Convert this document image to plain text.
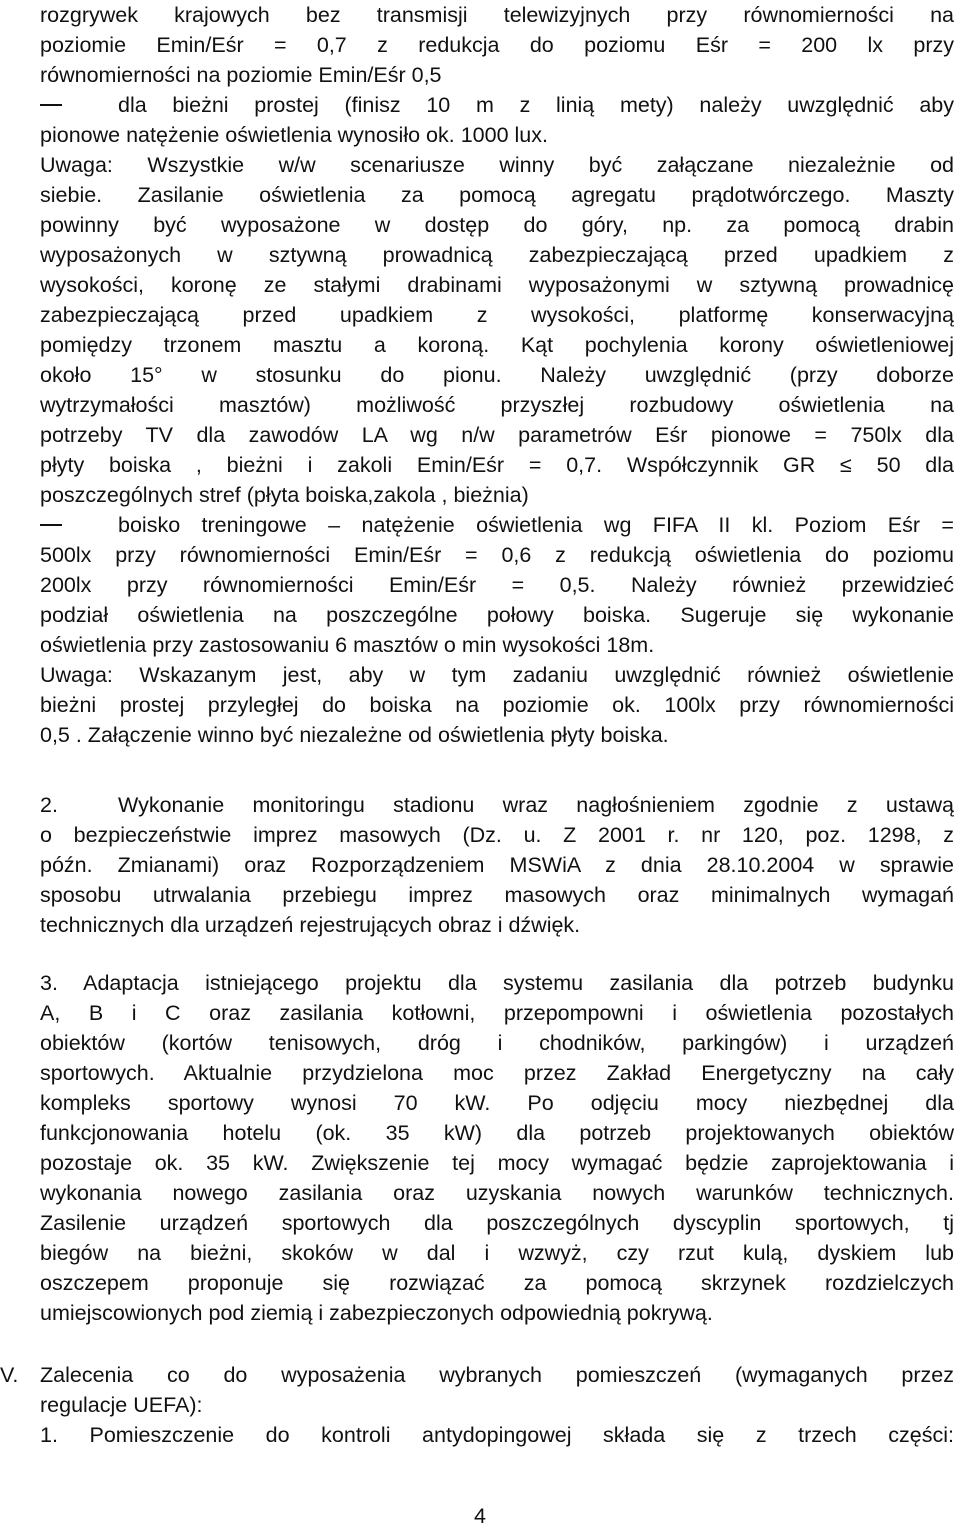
rozgrywek krajowych bez transmisji telewizyjnych przy równomierności na
poziomie Emin/Eśr = 0,7 z redukcja do poziomu Eśr = 200 lx przy
równomierności na poziomie Emin/Eśr 0,5
dla bieżni prostej (finisz 10 m z linią mety) należy uwzględnić aby
pionowe natężenie oświetlenia wynosiło ok. 1000 lux.
Uwaga: Wszystkie w/w scenariusze winny być załączane niezależnie od
siebie. Zasilanie oświetlenia za pomocą agregatu prądotwórczego. Maszty
powinny być wyposażone w dostęp do góry, np. za pomocą drabin
wyposażonych w sztywną prowadnicą zabezpieczającą przed upadkiem z
wysokości, koronę ze stałymi drabinami wyposażonymi w sztywną prowadnicę
zabezpieczającą przed upadkiem z wysokości, platformę konserwacyjną
pomiędzy trzonem masztu a koroną. Kąt pochylenia korony oświetleniowej
około 15° w stosunku do pionu. Należy uwzględnić (przy doborze
wytrzymałości masztów) możliwość przyszłej rozbudowy oświetlenia na
potrzeby TV dla zawodów LA wg n/w parametrów Eśr pionowe = 750lx dla
płyty boiska , bieżni i zakoli Emin/Eśr = 0,7. Współczynnik GR ≤ 50 dla
poszczególnych stref (płyta boiska,zakola , bieżnia)
boisko treningowe – natężenie oświetlenia wg FIFA II kl. Poziom Eśr =
500lx przy równomierności Emin/Eśr = 0,6 z redukcją oświetlenia do poziomu
200lx przy równomierności Emin/Eśr = 0,5. Należy również przewidzieć
podział oświetlenia na poszczególne połowy boiska. Sugeruje się wykonanie
oświetlenia przy zastosowaniu 6 masztów o min wysokości 18m.
Uwaga: Wskazanym jest, aby w tym zadaniu uwzględnić również oświetlenie
bieżni prostej przyległej do boiska na poziomie ok. 100lx przy równomierności
0,5 . Załączenie winno być niezależne od oświetlenia płyty boiska.
2.	Wykonanie monitoringu stadionu wraz nagłośnieniem zgodnie z ustawą
o bezpieczeństwie imprez masowych (Dz. u. Z 2001 r. nr 120, poz. 1298, z
późn. Zmianami) oraz Rozporządzeniem MSWiA z dnia 28.10.2004 w sprawie
sposobu utrwalania przebiegu imprez masowych oraz minimalnych wymagań
technicznych dla urządzeń rejestrujących obraz i dźwięk.
3. Adaptacja istniejącego projektu dla systemu zasilania dla potrzeb budynku
A, B i C oraz zasilania kotłowni, przepompowni i oświetlenia pozostałych
obiektów (kortów tenisowych, dróg i chodników, parkingów) i urządzeń
sportowych. Aktualnie przydzielona moc przez Zakład Energetyczny na cały
kompleks sportowy wynosi 70 kW. Po odjęciu mocy niezbędnej dla
funkcjonowania hotelu (ok. 35 kW) dla potrzeb projektowanych obiektów
pozostaje ok. 35 kW. Zwiększenie tej mocy wymagać będzie zaprojektowania i
wykonania nowego zasilania oraz uzyskania nowych warunków technicznych.
Zasilenie urządzeń sportowych dla poszczególnych dyscyplin sportowych, tj
biegów na bieżni, skoków w dal i wzwyż, czy rzut kulą, dyskiem lub
oszczepem proponuje się rozwiązać za pomocą skrzynek rozdzielczych
umiejscowionych pod ziemią i zabezpieczonych odpowiednią pokrywą.
V. Zalecenia co do wyposażenia wybranych pomieszczeń (wymaganych przez
regulacje UEFA):
1. Pomieszczenie do kontroli antydopingowej składa się z trzech części:
4
